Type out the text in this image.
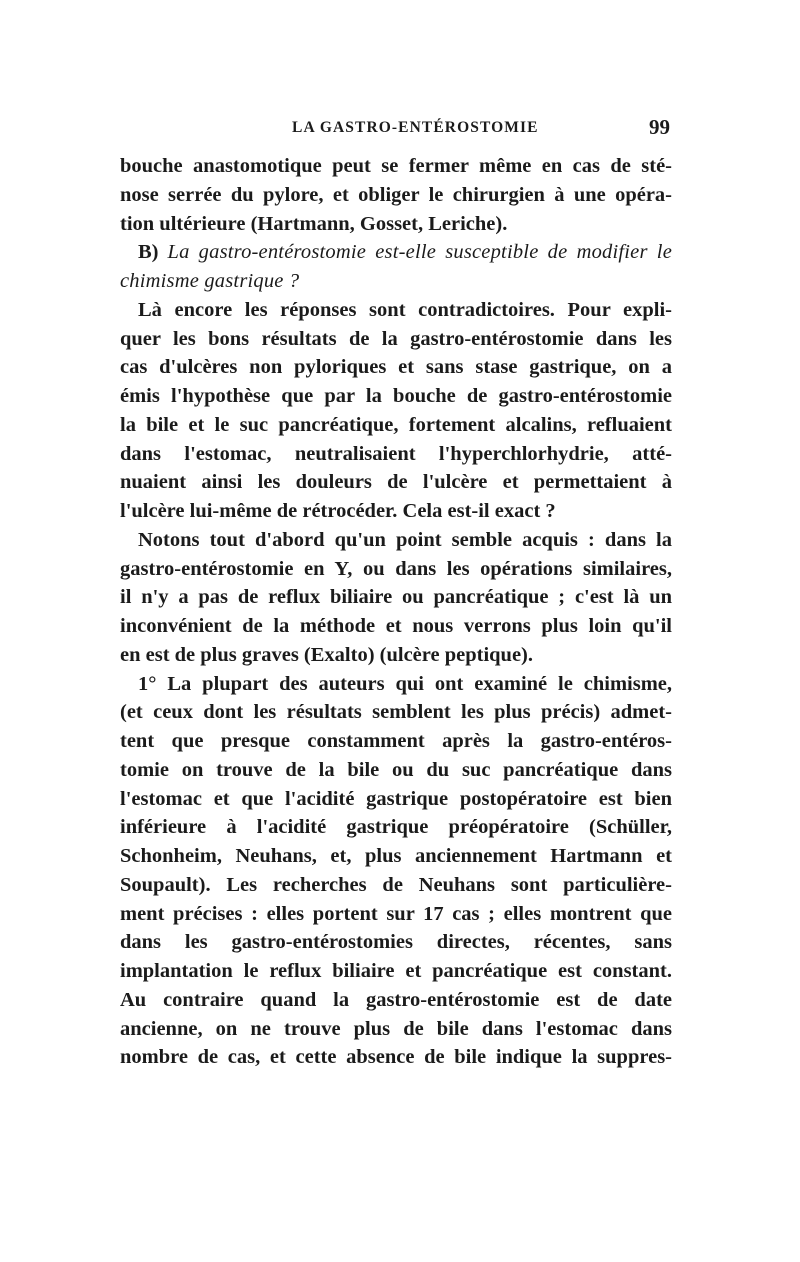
LA GASTRO-ENTÉROSTOMIE	99
bouche anastomotique peut se fermer même en cas de sté-
nose serrée du pylore, et obliger le chirurgien à une opéra-
tion ultérieure (Hartmann, Gosset, Leriche).
B) La gastro-entérostomie est-elle susceptible de modifier le
chimisme gastrique ?
Là encore les réponses sont contradictoires. Pour expli-
quer les bons résultats de la gastro-entérostomie dans les
cas d'ulcères non pyloriques et sans stase gastrique, on a
émis l'hypothèse que par la bouche de gastro-entérostomie
la bile et le suc pancréatique, fortement alcalins, refluaient
dans l'estomac, neutralisaient l'hyperchlorhydrie, atté-
nuaient ainsi les douleurs de l'ulcère et permettaient à
l'ulcère lui-même de rétrocéder. Cela est-il exact ?
Notons tout d'abord qu'un point semble acquis : dans la
gastro-entérostomie en Y, ou dans les opérations similaires,
il n'y a pas de reflux biliaire ou pancréatique ; c'est là un
inconvénient de la méthode et nous verrons plus loin qu'il
en est de plus graves (Exalto) (ulcère peptique).
1° La plupart des auteurs qui ont examiné le chimisme,
(et ceux dont les résultats semblent les plus précis) admet-
tent que presque constamment après la gastro-entéros-
tomie on trouve de la bile ou du suc pancréatique dans
l'estomac et que l'acidité gastrique postopératoire est bien
inférieure à l'acidité gastrique préopératoire (Schüller,
Schonheim, Neuhans, et, plus anciennement Hartmann et
Soupault). Les recherches de Neuhans sont particulière-
ment précises : elles portent sur 17 cas ; elles montrent que
dans les gastro-entérostomies directes, récentes, sans
implantation le reflux biliaire et pancréatique est constant.
Au contraire quand la gastro-entérostomie est de date
ancienne, on ne trouve plus de bile dans l'estomac dans
nombre de cas, et cette absence de bile indique la suppres-
